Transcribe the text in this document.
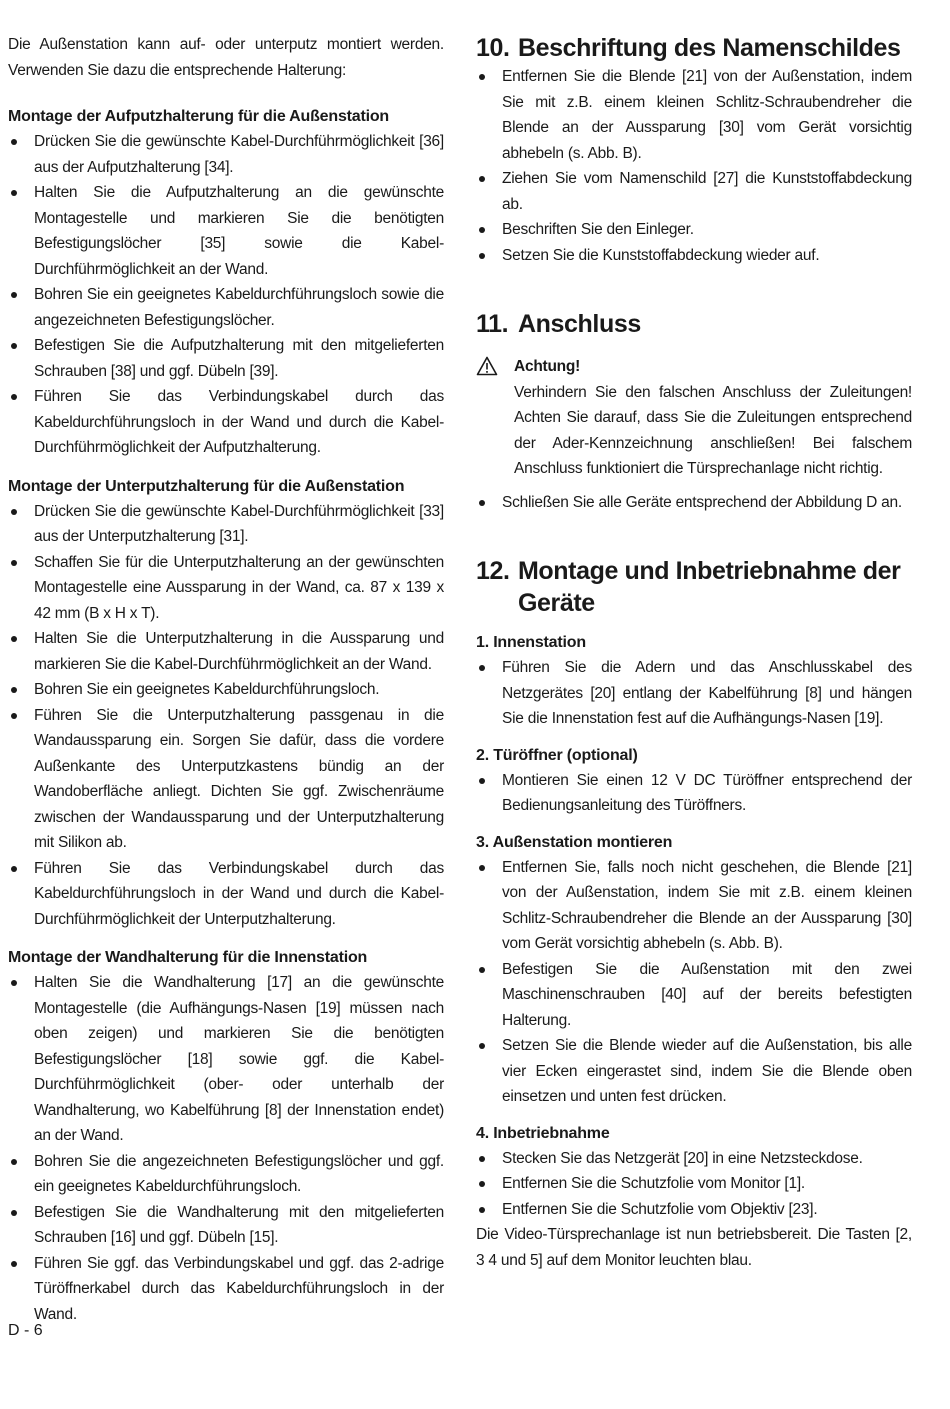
Die Außenstation kann auf- oder unterputz montiert werden. Verwenden Sie dazu die entsprechende Halterung:

Montage der Aufputzhalterung für die Außenstation
Drücken Sie die gewünschte Kabel-Durchführmöglichkeit [36] aus der Aufputzhalterung [34].
Halten Sie die Aufputzhalterung an die gewünschte Montagestelle und markieren Sie die benötigten Befestigungslöcher [35] sowie die Kabel-Durchführmöglichkeit an der Wand.
Bohren Sie ein geeignetes Kabeldurchführungsloch sowie die angezeichneten Befestigungslöcher.
Befestigen Sie die Aufputzhalterung mit den mitgelieferten Schrauben [38] und ggf. Dübeln [39].
Führen Sie das Verbindungskabel durch das Kabeldurchführungsloch in der Wand und durch die Kabel-Durchführmöglichkeit der Aufputzhalterung.
Montage der Unterputzhalterung für die Außenstation
Drücken Sie die gewünschte Kabel-Durchführmöglichkeit [33] aus der Unterputzhalterung [31].
Schaffen Sie für die Unterputzhalterung an der gewünschten Montagestelle eine Aussparung in der Wand, ca. 87 x 139 x 42 mm (B x H x T).
Halten Sie die Unterputzhalterung in die Aussparung und markieren Sie die Kabel-Durchführmöglichkeit an der Wand.
Bohren Sie ein geeignetes Kabeldurchführungsloch.
Führen Sie die Unterputzhalterung passgenau in die Wandaussparung ein. Sorgen Sie dafür, dass die vordere Außenkante des Unterputzkastens bündig an der Wandoberfläche anliegt. Dichten Sie ggf. Zwischenräume zwischen der Wandaussparung und der Unterputzhalterung mit Silikon ab.
Führen Sie das Verbindungskabel durch das Kabeldurchführungsloch in der Wand und durch die Kabel-Durchführmöglichkeit der Unterputzhalterung.
Montage der Wandhalterung für die Innenstation
Halten Sie die Wandhalterung [17] an die gewünschte Montagestelle (die Aufhängungs-Nasen [19] müssen nach oben zeigen) und markieren Sie die benötigten Befestigungslöcher [18] sowie ggf. die Kabel-Durchführmöglichkeit (ober- oder unterhalb der Wandhalterung, wo Kabelführung [8] der Innenstation endet) an der Wand.
Bohren Sie die angezeichneten Befestigungslöcher und ggf. ein geeignetes Kabeldurchführungsloch.
Befestigen Sie die Wandhalterung mit den mitgelieferten Schrauben [16] und ggf. Dübeln [15].
Führen Sie ggf. das Verbindungskabel und ggf. das 2-adrige Türöffnerkabel durch das Kabeldurchführungsloch in der Wand.
10. Beschriftung des Namenschildes
Entfernen Sie die Blende [21] von der Außenstation, indem Sie mit z.B. einem kleinen Schlitz-Schraubendreher die Blende an der Aussparung [30] vom Gerät vorsichtig abhebeln (s. Abb. B).
Ziehen Sie vom Namenschild [27] die Kunststoffabdeckung ab.
Beschriften Sie den Einleger.
Setzen Sie die Kunststoffabdeckung wieder auf.
11. Anschluss
Achtung!

Verhindern Sie den falschen Anschluss der Zuleitungen! Achten Sie darauf, dass Sie die Zuleitungen entsprechend der Ader-Kennzeichnung anschließen! Bei falschem Anschluss funktioniert die Türsprechanlage nicht richtig.

Schließen Sie alle Geräte entsprechend der Abbildung D an.
12. Montage und Inbetriebnahme der Geräte
1. Innenstation
Führen Sie die Adern und das Anschlusskabel des Netzgerätes [20] entlang der Kabelführung [8] und hängen Sie die Innenstation fest auf die Aufhängungs-Nasen [19].
2. Türöffner (optional)
Montieren Sie einen 12 V DC Türöffner entsprechend der Bedienungsanleitung des Türöffners.
3. Außenstation montieren
Entfernen Sie, falls noch nicht geschehen, die Blende [21] von der Außenstation, indem Sie mit z.B. einem kleinen Schlitz-Schraubendreher die Blende an der Aussparung [30] vom Gerät vorsichtig abhebeln (s. Abb. B).
Befestigen Sie die Außenstation mit den zwei Maschinenschrauben [40] auf der bereits befestigten Halterung.
Setzen Sie die Blende wieder auf die Außenstation, bis alle vier Ecken eingerastet sind, indem Sie die Blende oben einsetzen und unten fest drücken.
4. Inbetriebnahme
Stecken Sie das Netzgerät [20] in eine Netzsteckdose.
Entfernen Sie die Schutzfolie vom Monitor [1].
Entfernen Sie die Schutzfolie vom Objektiv [23].

Die Video-Türsprechanlage ist nun betriebsbereit. Die Tasten [2, 3 4 und 5] auf dem Monitor leuchten blau.

D - 6
